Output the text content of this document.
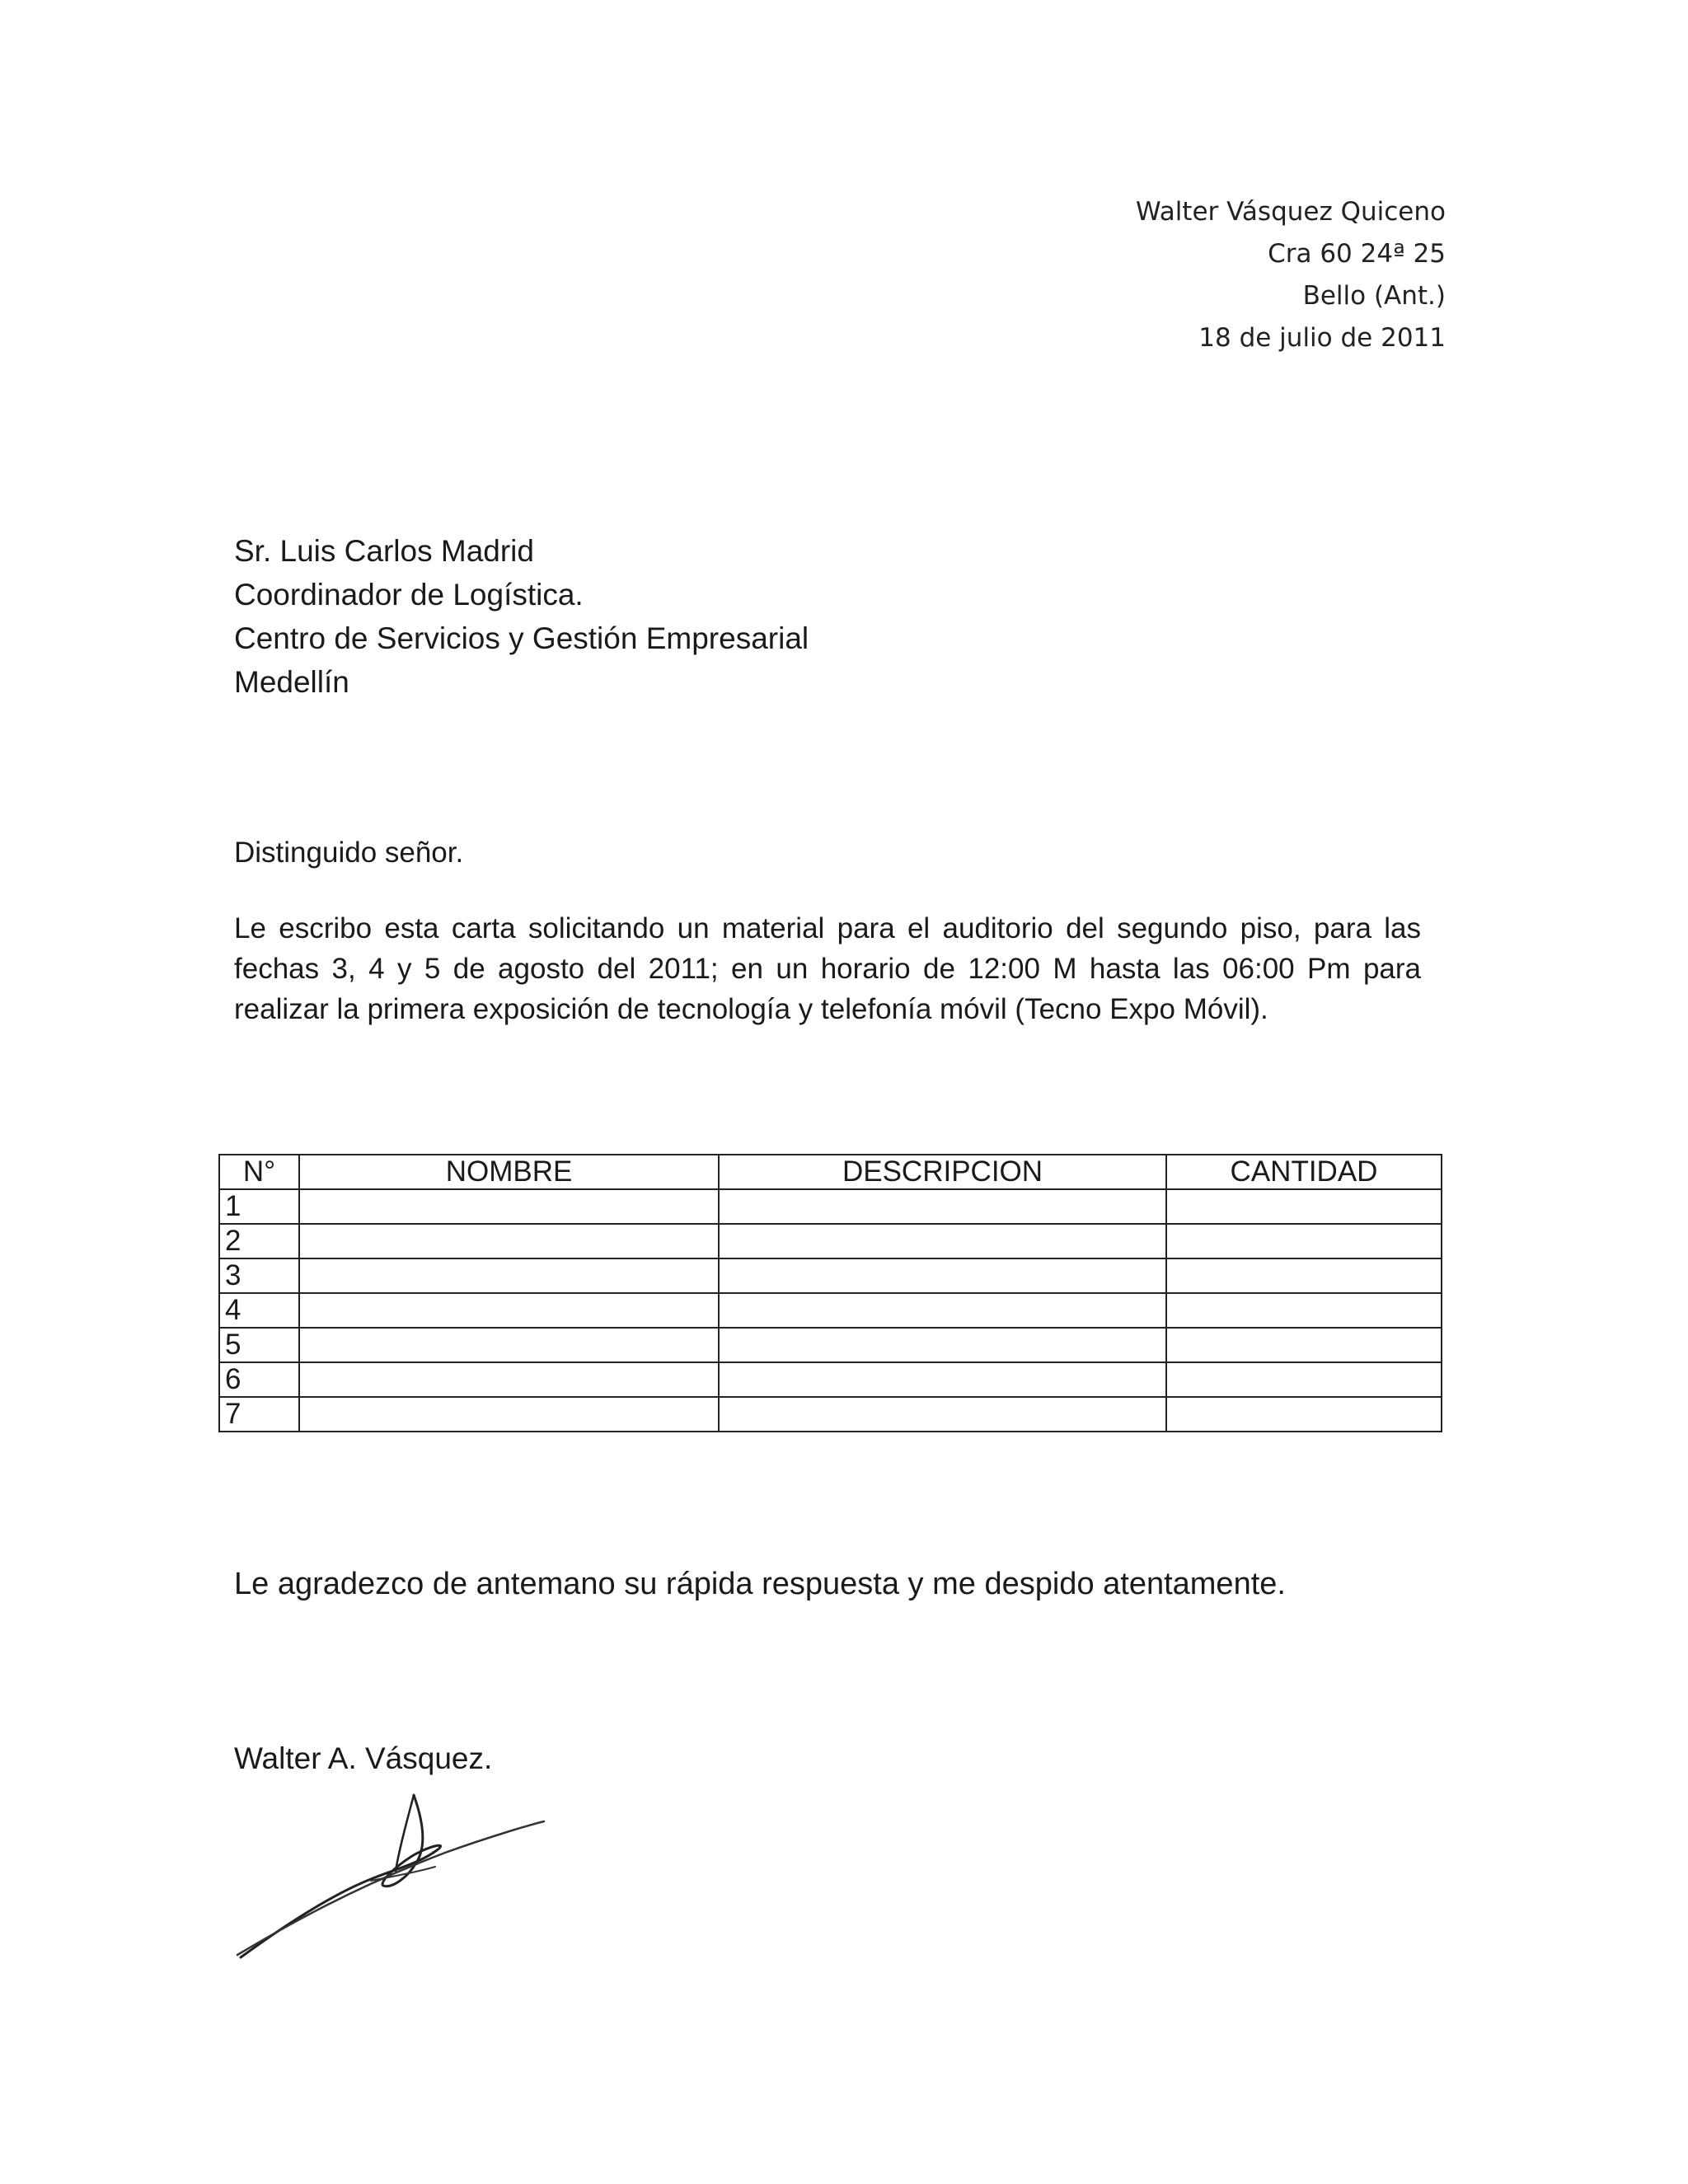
Walter Vásquez Quiceno
Cra 60 24ª 25
Bello (Ant.)
18 de julio de 2011
Sr. Luis Carlos Madrid
Coordinador de Logística.
Centro de Servicios y Gestión Empresarial
Medellín
Distinguido señor.
Le escribo esta carta solicitando un material para el auditorio del segundo piso, para las fechas 3, 4 y 5 de agosto del 2011; en un horario de 12:00 M hasta las 06:00 Pm para realizar la primera exposición de tecnología y telefonía móvil (Tecno Expo Móvil).
N°	NOMBRE	DESCRIPCION	CANTIDAD
1			
2			
3			
4			
5			
6			
7			
Le agradezco de antemano su rápida respuesta y me despido atentamente.
Walter A. Vásquez.
